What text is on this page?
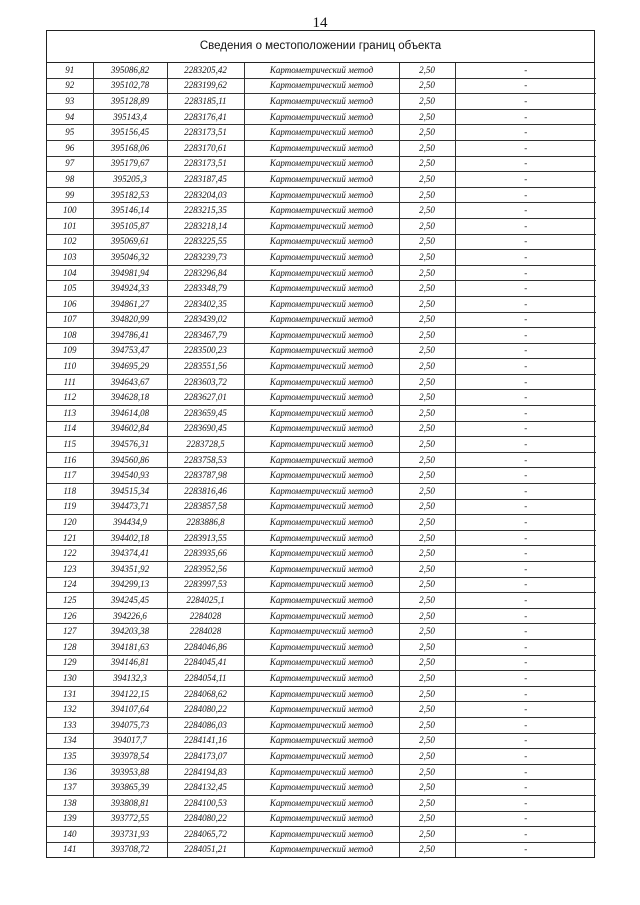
14
Сведения о местоположении границ объекта
91	395086,82	2283205,42	Картометрический метод	2,50	-
92	395102,78	2283199,62	Картометрический метод	2,50	-
93	395128,89	2283185,11	Картометрический метод	2,50	-
94	395143,4	2283176,41	Картометрический метод	2,50	-
95	395156,45	2283173,51	Картометрический метод	2,50	-
96	395168,06	2283170,61	Картометрический метод	2,50	-
97	395179,67	2283173,51	Картометрический метод	2,50	-
98	395205,3	2283187,45	Картометрический метод	2,50	-
99	395182,53	2283204,03	Картометрический метод	2,50	-
100	395146,14	2283215,35	Картометрический метод	2,50	-
101	395105,87	2283218,14	Картометрический метод	2,50	-
102	395069,61	2283225,55	Картометрический метод	2,50	-
103	395046,32	2283239,73	Картометрический метод	2,50	-
104	394981,94	2283296,84	Картометрический метод	2,50	-
105	394924,33	2283348,79	Картометрический метод	2,50	-
106	394861,27	2283402,35	Картометрический метод	2,50	-
107	394820,99	2283439,02	Картометрический метод	2,50	-
108	394786,41	2283467,79	Картометрический метод	2,50	-
109	394753,47	2283500,23	Картометрический метод	2,50	-
110	394695,29	2283551,56	Картометрический метод	2,50	-
111	394643,67	2283603,72	Картометрический метод	2,50	-
112	394628,18	2283627,01	Картометрический метод	2,50	-
113	394614,08	2283659,45	Картометрический метод	2,50	-
114	394602,84	2283690,45	Картометрический метод	2,50	-
115	394576,31	2283728,5	Картометрический метод	2,50	-
116	394560,86	2283758,53	Картометрический метод	2,50	-
117	394540,93	2283787,98	Картометрический метод	2,50	-
118	394515,34	2283816,46	Картометрический метод	2,50	-
119	394473,71	2283857,58	Картометрический метод	2,50	-
120	394434,9	2283886,8	Картометрический метод	2,50	-
121	394402,18	2283913,55	Картометрический метод	2,50	-
122	394374,41	2283935,66	Картометрический метод	2,50	-
123	394351,92	2283952,56	Картометрический метод	2,50	-
124	394299,13	2283997,53	Картометрический метод	2,50	-
125	394245,45	2284025,1	Картометрический метод	2,50	-
126	394226,6	2284028	Картометрический метод	2,50	-
127	394203,38	2284028	Картометрический метод	2,50	-
128	394181,63	2284046,86	Картометрический метод	2,50	-
129	394146,81	2284045,41	Картометрический метод	2,50	-
130	394132,3	2284054,11	Картометрический метод	2,50	-
131	394122,15	2284068,62	Картометрический метод	2,50	-
132	394107,64	2284080,22	Картометрический метод	2,50	-
133	394075,73	2284086,03	Картометрический метод	2,50	-
134	394017,7	2284141,16	Картометрический метод	2,50	-
135	393978,54	2284173,07	Картометрический метод	2,50	-
136	393953,88	2284194,83	Картометрический метод	2,50	-
137	393865,39	2284132,45	Картометрический метод	2,50	-
138	393808,81	2284100,53	Картометрический метод	2,50	-
139	393772,55	2284080,22	Картометрический метод	2,50	-
140	393731,93	2284065,72	Картометрический метод	2,50	-
141	393708,72	2284051,21	Картометрический метод	2,50	-
